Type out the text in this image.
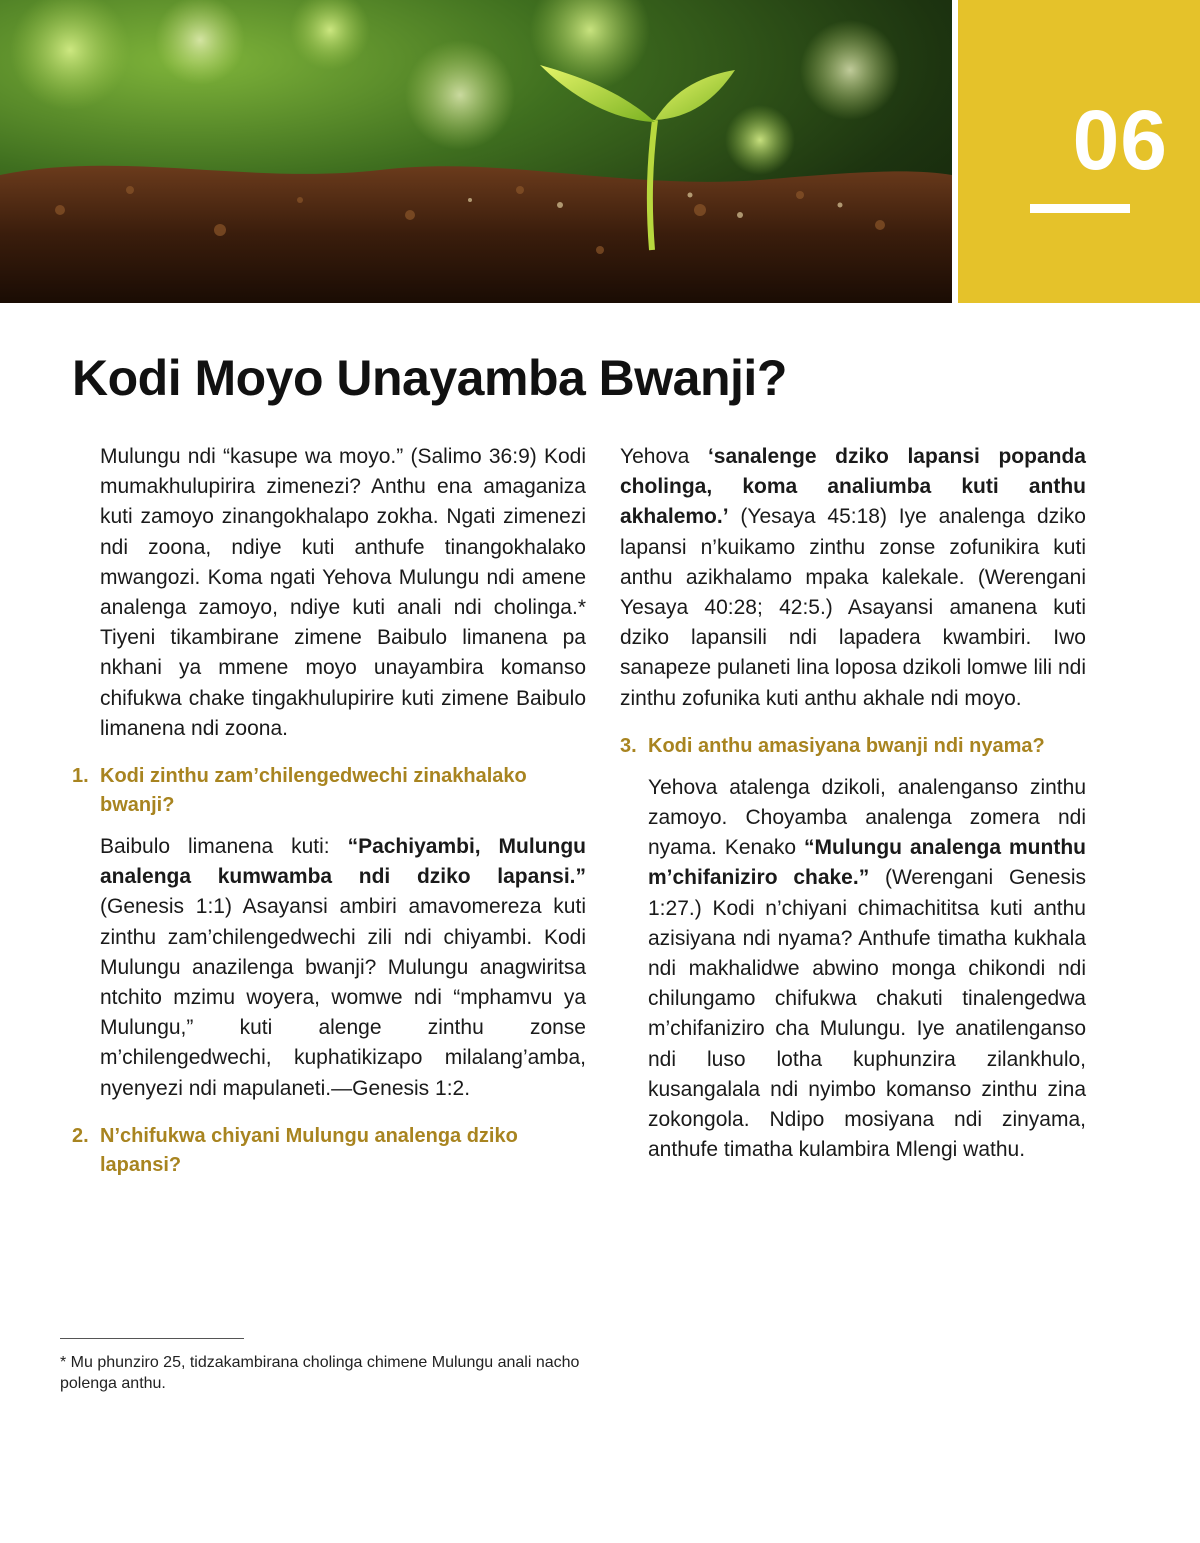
06
Kodi Moyo Unayamba Bwanji?

Mulungu ndi “kasupe wa moyo.” (Salimo 36:9) Kodi mumakhulupirira zimenezi? Anthu ena amaganiza kuti zamoyo zinangokhalapo zokha. Ngati zimenezi ndi zoona, ndiye kuti anthufe tinangokhalako mwangozi. Koma ngati Yehova Mulungu ndi amene analenga zamoyo, ndiye kuti anali ndi cholinga.* Tiyeni tikambirane zimene Baibulo limanena pa nkhani ya mmene moyo unayambira komanso chifukwa chake tingakhulupirire kuti zimene Baibulo limanena ndi zoona.

1. Kodi zinthu zam’chilengedwechi zinakhalako bwanji?

Baibulo limanena kuti: “Pachiyambi, Mulungu analenga kumwamba ndi dziko lapansi.” (Genesis 1:1) Asayansi ambiri amavomereza kuti zinthu zam’chilengedwechi zili ndi chiyambi. Kodi Mulungu anazilenga bwanji? Mulungu anagwiritsa ntchito mzimu woyera, womwe ndi “mphamvu ya Mulungu,” kuti alenge zinthu zonse m’chilengedwechi, kuphatikizapo milalang’amba, nyenyezi ndi mapulaneti.—Genesis 1:2.

2. N’chifukwa chiyani Mulungu analenga dziko lapansi?

Yehova ‘sanalenge dziko lapansi popanda cholinga, koma analiumba kuti anthu akhalemo.’ (Yesaya 45:18) Iye analenga dziko lapansi n’kuikamo zinthu zonse zofunikira kuti anthu azikhalamo mpaka kalekale. (Werengani Yesaya 40:28; 42:5.) Asayansi amanena kuti dziko lapansili ndi lapadera kwambiri. Iwo sanapeze pulaneti lina loposa dzikoli lomwe lili ndi zinthu zofunika kuti anthu akhale ndi moyo.

3. Kodi anthu amasiyana bwanji ndi nyama?

Yehova atalenga dzikoli, analenganso zinthu zamoyo. Choyamba analenga zomera ndi nyama. Kenako “Mulungu analenga munthu m’chifaniziro chake.” (Werengani Genesis 1:27.) Kodi n’chiyani chimachititsa kuti anthu azisiyana ndi nyama? Anthufe timatha kukhala ndi makhalidwe abwino monga chikondi ndi chilungamo chifukwa chakuti tinalengedwa m’chifaniziro cha Mulungu. Iye anatilenganso ndi luso lotha kuphunzira zilankhulo, kusangalala ndi nyimbo komanso zinthu zina zokongola. Ndipo mosiyana ndi zinyama, anthufe timatha kulambira Mlengi wathu.

* Mu phunziro 25, tidzakambirana cholinga chimene Mulungu anali nacho polenga anthu.
